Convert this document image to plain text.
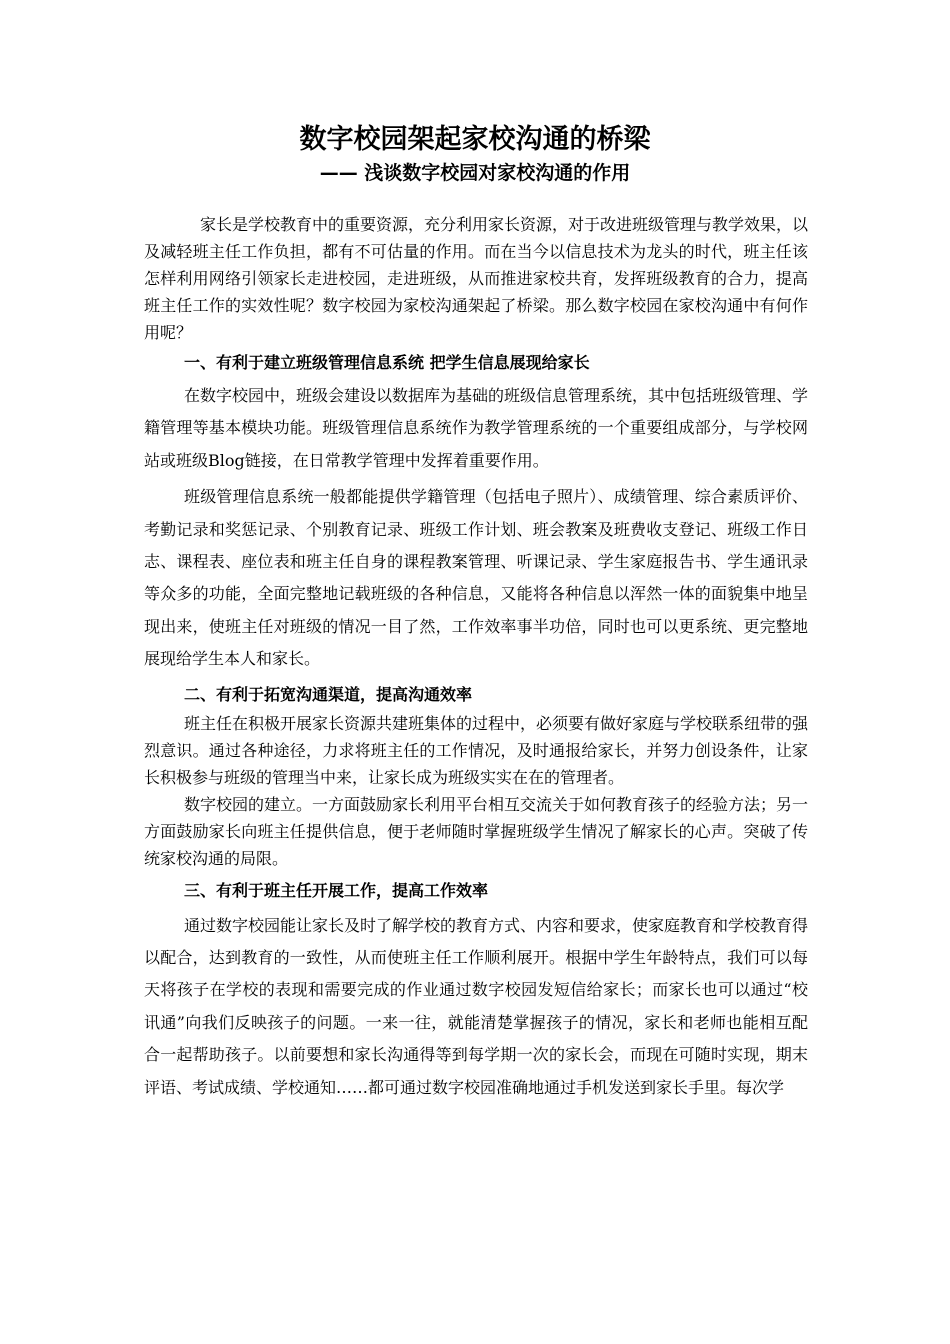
数字校园架起家校沟通的桥梁
—— 浅谈数字校园对家校沟通的作用

家长是学校教育中的重要资源，充分利用家长资源，对于改进班级管理与教学效果，以及减轻班主任工作负担，都有不可估量的作用。而在当今以信息技术为龙头的时代，班主任该怎样利用网络引领家长走进校园，走进班级，从而推进家校共育，发挥班级教育的合力，提高班主任工作的实效性呢？数字校园为家校沟通架起了桥梁。那么数字校园在家校沟通中有何作用呢？

一、有利于建立班级管理信息系统 把学生信息展现给家长

在数字校园中，班级会建设以数据库为基础的班级信息管理系统，其中包括班级管理、学籍管理等基本模块功能。班级管理信息系统作为教学管理系统的一个重要组成部分，与学校网站或班级Blog链接，在日常教学管理中发挥着重要作用。

班级管理信息系统一般都能提供学籍管理（包括电子照片）、成绩管理、综合素质评价、考勤记录和奖惩记录、个别教育记录、班级工作计划、班会教案及班费收支登记、班级工作日志、课程表、座位表和班主任自身的课程教案管理、听课记录、学生家庭报告书、学生通讯录等众多的功能，全面完整地记载班级的各种信息，又能将各种信息以浑然一体的面貌集中地呈现出来，使班主任对班级的情况一目了然，工作效率事半功倍，同时也可以更系统、更完整地展现给学生本人和家长。

二、有利于拓宽沟通渠道，提高沟通效率

班主任在积极开展家长资源共建班集体的过程中，必须要有做好家庭与学校联系纽带的强烈意识。通过各种途径，力求将班主任的工作情况，及时通报给家长，并努力创设条件，让家长积极参与班级的管理当中来，让家长成为班级实实在在的管理者。

数字校园的建立。一方面鼓励家长利用平台相互交流关于如何教育孩子的经验方法；另一方面鼓励家长向班主任提供信息，便于老师随时掌握班级学生情况了解家长的心声。突破了传统家校沟通的局限。

三、有利于班主任开展工作，提高工作效率

通过数字校园能让家长及时了解学校的教育方式、内容和要求，使家庭教育和学校教育得以配合，达到教育的一致性，从而使班主任工作顺利展开。根据中学生年龄特点，我们可以每天将孩子在学校的表现和需要完成的作业通过数字校园发短信给家长；而家长也可以通过“校讯通”向我们反映孩子的问题。一来一往，就能清楚掌握孩子的情况，家长和老师也能相互配合一起帮助孩子。以前要想和家长沟通得等到每学期一次的家长会，而现在可随时实现，期末评语、考试成绩、学校通知……都可通过数字校园准确地通过手机发送到家长手里。每次学
